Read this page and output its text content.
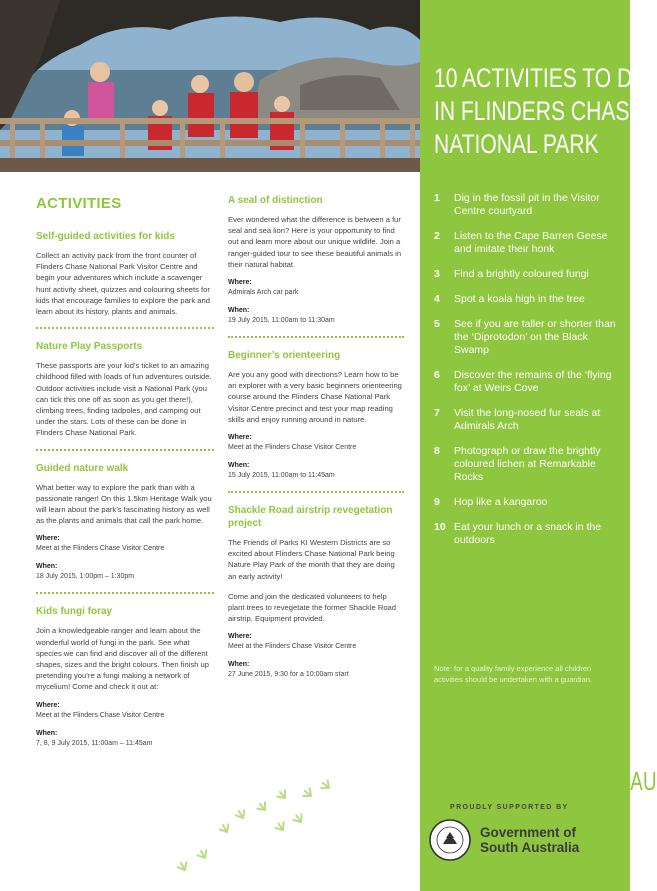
10 ACTIVITIES TO DO
IN FLINDERS CHASE
NATIONAL PARK
1	Dig in the fossil pit in the Visitor Centre courtyard
2	Listen to the Cape Barren Geese and imitate their honk
3	Find a brightly coloured fungi
4	Spot a koala high in the tree
5	See if you are taller or shorter than the ‘Diprotodon’ on the Black Swamp
6	Discover the remains of the ‘flying fox’ at Weirs Cove
7	Visit the long-nosed fur seals at Admirals Arch
8	Photograph or draw the brightly coloured lichen at Remarkable Rocks
9	Hop like a kangaroo
10 Eat your lunch or a snack in the outdoors

Note: for a quality family experience all children activities should be undertaken with a guardian.

ACTIVITIES
Self-guided activities for kids

Collect an activity pack from the front counter of Flinders Chase National Park Visitor Centre and begin your adventures which include a scavenger hunt activity sheet, quizzes and colouring sheets for kids that encourage families to explore the park and learn about its history, plants and animals.

Nature Play Passports

These passports are your kid’s ticket to an amazing childhood filled with loads of fun adventures outside. Outdoor activities include visit a National Park (you can tick this one off as soon as you get there!), climbing trees, finding tadpoles, and camping out under the stars. Lots of these can be done in Flinders Chase National Park.

Guided nature walk

What better way to explore the park than with a passionate ranger! On this 1.5km Heritage Walk you will learn about the park’s fascinating history as well as the plants and animals that call the park home.

Where:
Meet at the Flinders Chase Visitor Centre
When:
18 July 2015, 1:00pm – 1:30pm
Kids fungi foray

Join a knowledgeable ranger and learn about the wonderful world of fungi in the park. See what species we can find and discover all of the different shapes, sizes and the bright colours. Then finish up pretending you’re a fungi making a network of mycelium! Come and check it out at:

Where:
Meet at the Flinders Chase Visitor Centre
When:
7, 8, 9 July 2015, 11:00am – 11:45am
A seal of distinction

Ever wondered what the difference is between a fur seal and sea lion? Here is your opportunity to find out and learn more about our unique wildlife. Join a ranger-guided tour to see these beautiful animals in their natural habitat.

Where:
Admirals Arch car park
When:
19 July 2015, 11:00am to 11:30am
Beginner’s orienteering

Are you any good with directions? Learn how to be an explorer with a very basic beginners orienteering course around the Flinders Chase National Park Visitor Centre precinct and test your map reading skills and enjoy running around in nature.

Where:
Meet at the Flinders Chase Visitor Centre
When:
15 July 2015, 11:00am to 11:45am
Shackle Road airstrip revegetation project

The Friends of Parks KI Western Districts are so excited about Flinders Chase National Park being Nature Play Park of the month that they are doing an early activity!

Come and join the dedicated volunteers to help plant trees to revegetate the former Shackle Road airstrip. Equipment provided.

Where:
Meet at the Flinders Chase Visitor Centre
When:
27 June 2015, 9:30 for a 10:00am start
NATUREPLAYSA.ORG.AU
PROUDLY SUPPORTED BY
Government of
South Australia
